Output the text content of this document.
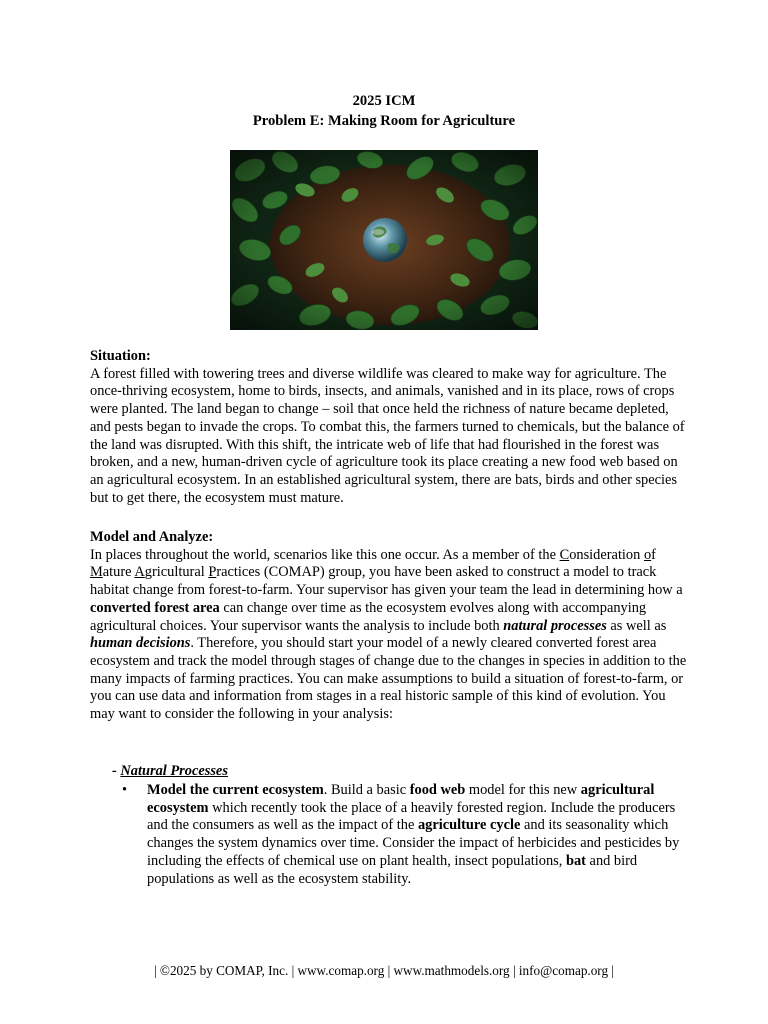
2025 ICM
Problem E: Making Room for Agriculture
Situation:
A forest filled with towering trees and diverse wildlife was cleared to make way for agriculture. The once-thriving ecosystem, home to birds, insects, and animals, vanished and in its place, rows of crops were planted. The land began to change – soil that once held the richness of nature became depleted, and pests began to invade the crops. To combat this, the farmers turned to chemicals, but the balance of the land was disrupted. With this shift, the intricate web of life that had flourished in the forest was broken, and a new, human-driven cycle of agriculture took its place creating a new food web based on an agricultural ecosystem. In an established agricultural system, there are bats, birds and other species but to get there, the ecosystem must mature.
Model and Analyze:
In places throughout the world, scenarios like this one occur. As a member of the Consideration of Mature Agricultural Practices (COMAP) group, you have been asked to construct a model to track habitat change from forest-to-farm. Your supervisor has given your team the lead in determining how a converted forest area can change over time as the ecosystem evolves along with accompanying agricultural choices. Your supervisor wants the analysis to include both natural processes as well as human decisions. Therefore, you should start your model of a newly cleared converted forest area ecosystem and track the model through stages of change due to the changes in species in addition to the many impacts of farming practices. You can make assumptions to build a situation of forest-to-farm, or you can use data and information from stages in a real historic sample of this kind of evolution. You may want to consider the following in your analysis:
- Natural Processes
• Model the current ecosystem. Build a basic food web model for this new agricultural ecosystem which recently took the place of a heavily forested region. Include the producers and the consumers as well as the impact of the agriculture cycle and its seasonality which changes the system dynamics over time. Consider the impact of herbicides and pesticides by including the effects of chemical use on plant health, insect populations, bat and bird populations as well as the ecosystem stability.
| ©2025 by COMAP, Inc. | www.comap.org | www.mathmodels.org | info@comap.org |
